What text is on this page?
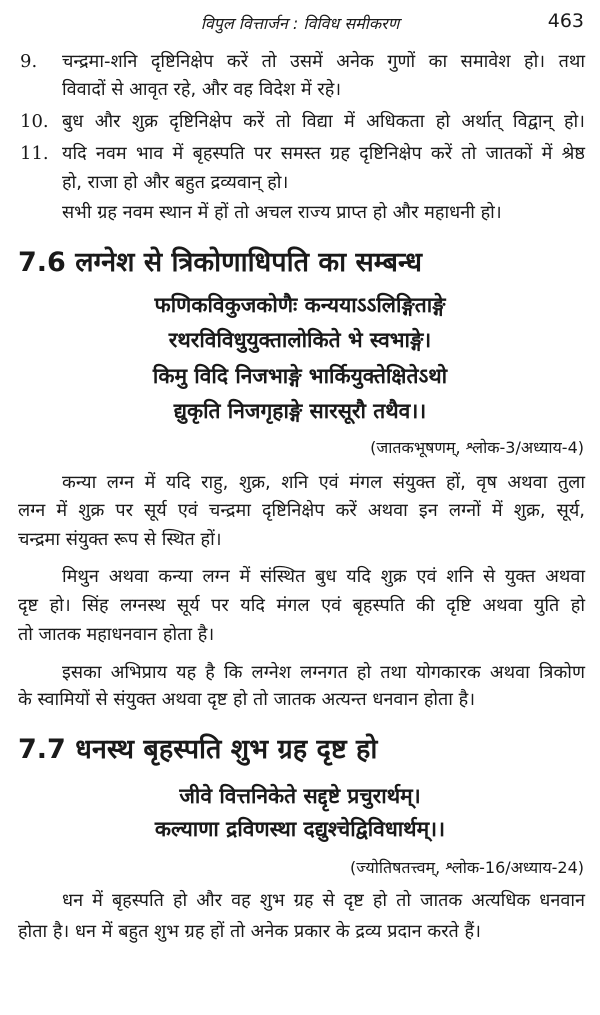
विपुल वित्तार्जन : विविध समीकरण	463
9. चन्द्रमा-शनि दृष्टिनिक्षेप करें तो उसमें अनेक गुणों का समावेश हो। तथा
विवादों से आवृत रहे, और वह विदेश में रहे।
10. बुध और शुक्र दृष्टिनिक्षेप करें तो विद्या में अधिकता हो अर्थात् विद्वान् हो।
11. यदि नवम भाव में बृहस्पति पर समस्त ग्रह दृष्टिनिक्षेप करें तो जातकों में श्रेष्ठ
हो, राजा हो और बहुत द्रव्यवान् हो।
सभी ग्रह नवम स्थान में हों तो अचल राज्य प्राप्त हो और महाधनी हो।
7.6 लग्नेश से त्रिकोणाधिपति का सम्बन्ध
फणिकविकुजकोणैः कन्यया​ऽऽलिङ्गिताङ्गे
रथरविविधुयुक्तालोकिते भे स्वभाङ्गे।
किमु विदि निजभाङ्गे भार्कियुक्तेक्षितेऽथो
द्युकृति निजगृहाङ्गे सारसूरौ तथैव।।
(जातकभूषणम्, श्लोक-3/अध्याय-4)
कन्या लग्न में यदि राहु, शुक्र, शनि एवं मंगल संयुक्त हों, वृष अथवा तुला
लग्न में शुक्र पर सूर्य एवं चन्द्रमा दृष्टिनिक्षेप करें अथवा इन लग्नों में शुक्र, सूर्य,
चन्द्रमा संयुक्त रूप से स्थित हों।
मिथुन अथवा कन्या लग्न में संस्थित बुध यदि शुक्र एवं शनि से युक्त अथवा
दृष्ट हो। सिंह लग्नस्थ सूर्य पर यदि मंगल एवं बृहस्पति की दृष्टि अथवा युति हो
तो जातक महाधनवान होता है।
इसका अभिप्राय यह है कि लग्नेश लग्नगत हो तथा योगकारक अथवा त्रिकोण
के स्वामियों से संयुक्त अथवा दृष्ट हो तो जातक अत्यन्त धनवान होता है।
7.7 धनस्थ बृहस्पति शुभ ग्रह दृष्ट हो
जीवे वित्तनिकेते सद्दृष्टे प्रचुरार्थम्।
कल्याणा द्रविणस्था दद्युश्चेद्विविधार्थम्।।
(ज्योतिषतत्त्वम्, श्लोक-16/अध्याय-24)
धन में बृहस्पति हो और वह शुभ ग्रह से दृष्ट हो तो जातक अत्यधिक धनवान
होता है। धन में बहुत शुभ ग्रह हों तो अनेक प्रकार के द्रव्य प्रदान करते हैं।
